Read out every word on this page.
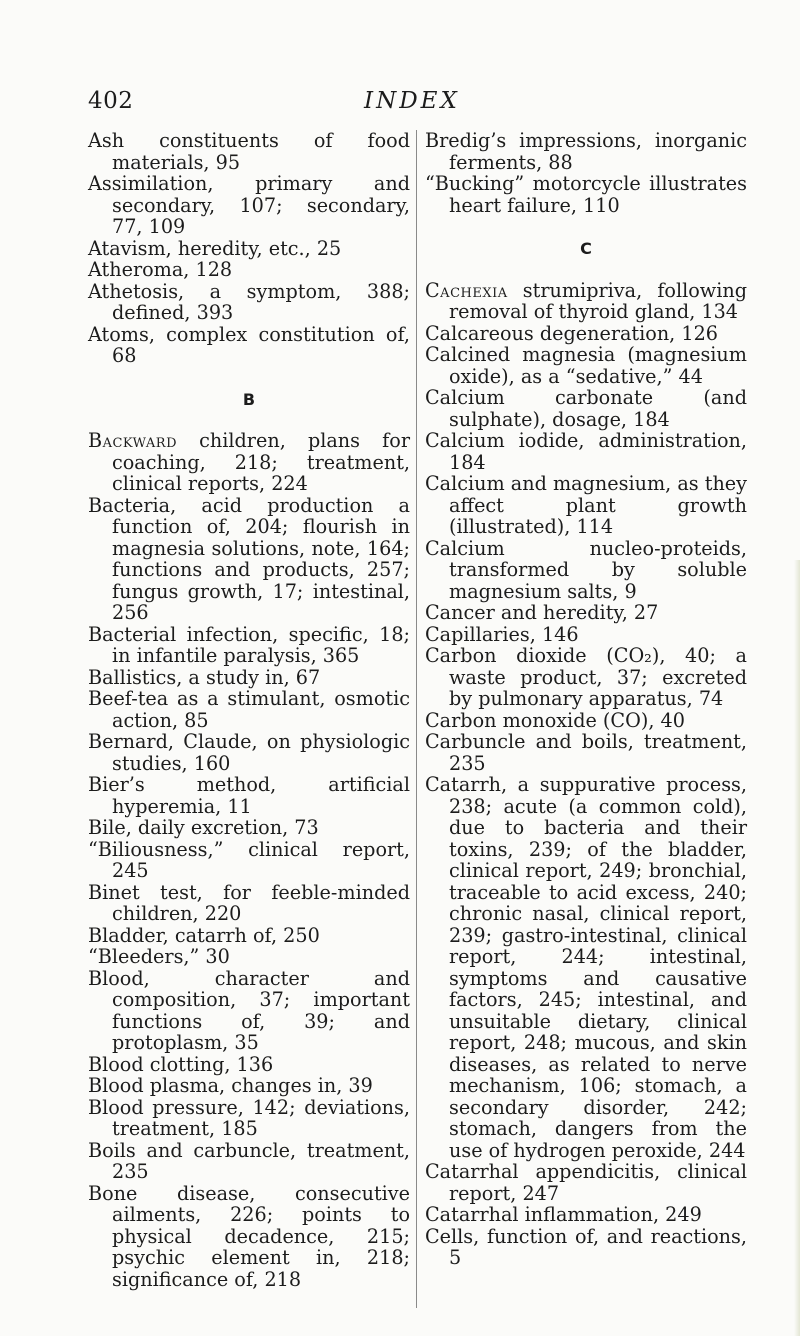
402	INDEX

Ash constituents of food materials, 95

Assimilation, primary and secondary, 107; secondary, 77, 109

Atavism, heredity, etc., 25

Atheroma, 128

Athetosis, a symptom, 388; defined, 393

Atoms, complex constitution of, 68

B

Backward children, plans for coaching, 218; treatment, clinical reports, 224

Bacteria, acid production a function of, 204; flourish in magnesia solutions, note, 164; functions and products, 257; fungus growth, 17; intestinal, 256

Bacterial infection, specific, 18; in infantile paralysis, 365

Ballistics, a study in, 67

Beef-tea as a stimulant, osmotic action, 85

Bernard, Claude, on physiologic studies, 160

Bier’s method, artificial hyperemia, 11

Bile, daily excretion, 73

“Biliousness,” clinical report, 245

Binet test, for feeble-minded children, 220

Bladder, catarrh of, 250

“Bleeders,” 30

Blood, character and composition, 37; important functions of, 39; and protoplasm, 35

Blood clotting, 136

Blood plasma, changes in, 39

Blood pressure, 142; deviations, treatment, 185

Boils and carbuncle, treatment, 235

Bone disease, consecutive ailments, 226; points to physical decadence, 215; psychic element in, 218; significance of, 218

Bredig’s impressions, inorganic ferments, 88

“Bucking” motorcycle illustrates heart failure, 110

C

Cachexia strumipriva, following removal of thyroid gland, 134

Calcareous degeneration, 126

Calcined magnesia (magnesium oxide), as a “sedative,” 44

Calcium carbonate (and sulphate), dosage, 184

Calcium iodide, administration, 184

Calcium and magnesium, as they affect plant growth (illustrated), 114

Calcium nucleo-proteids, transformed by soluble magnesium salts, 9

Cancer and heredity, 27

Capillaries, 146

Carbon dioxide (CO₂), 40; a waste product, 37; excreted by pulmonary apparatus, 74

Carbon monoxide (CO), 40

Carbuncle and boils, treatment, 235

Catarrh, a suppurative process, 238; acute (a common cold), due to bacteria and their toxins, 239; of the bladder, clinical report, 249; bronchial, traceable to acid excess, 240; chronic nasal, clinical report, 239; gastro-intestinal, clinical report, 244; intestinal, symptoms and causative factors, 245; intestinal, and unsuitable dietary, clinical report, 248; mucous, and skin diseases, as related to nerve mechanism, 106; stomach, a secondary disorder, 242; stomach, dangers from the use of hydrogen peroxide, 244

Catarrhal appendicitis, clinical report, 247

Catarrhal inflammation, 249

Cells, function of, and reactions, 5
